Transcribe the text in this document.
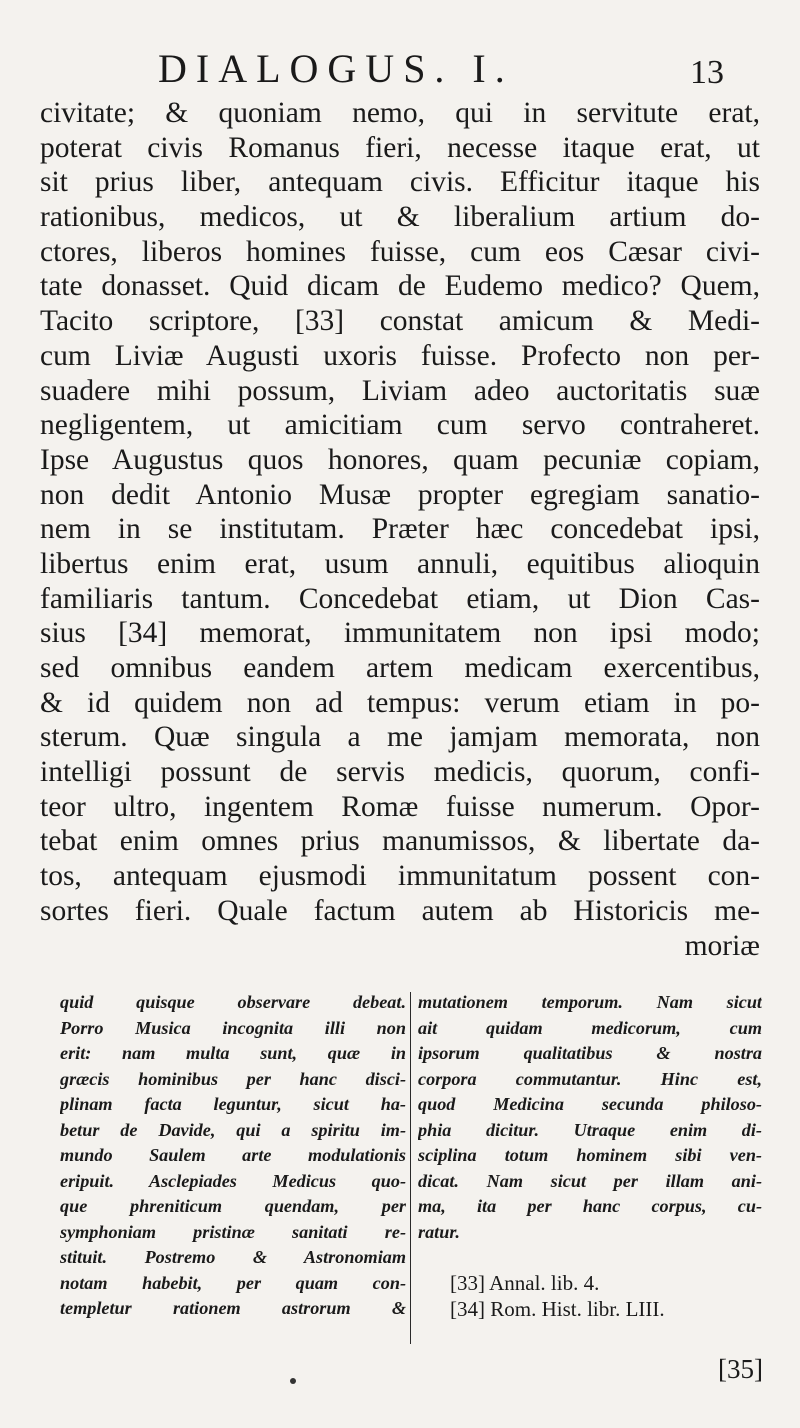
DIALOGUS. I.	13
civitate; & quoniam nemo, qui in servitute erat,
poterat civis Romanus fieri, necesse itaque erat, ut
sit prius liber, antequam civis. Efficitur itaque his
rationibus, medicos, ut & liberalium artium do-
ctores, liberos homines fuisse, cum eos Cæsar civi-
tate donasset. Quid dicam de Eudemo medico? Quem,
Tacito scriptore, [33] constat amicum & Medi-
cum Liviæ Augusti uxoris fuisse. Profecto non per-
suadere mihi possum, Liviam adeo auctoritatis suæ
negligentem, ut amicitiam cum servo contraheret.
Ipse Augustus quos honores, quam pecuniæ copiam,
non dedit Antonio Musæ propter egregiam sanatio-
nem in se institutam. Præter hæc concedebat ipsi,
libertus enim erat, usum annuli, equitibus alioquin
familiaris tantum. Concedebat etiam, ut Dion Cas-
sius [34] memorat, immunitatem non ipsi modo;
sed omnibus eandem artem medicam exercentibus,
& id quidem non ad tempus: verum etiam in po-
sterum. Quæ singula a me jamjam memorata, non
intelligi possunt de servis medicis, quorum, confi-
teor ultro, ingentem Romæ fuisse numerum. Opor-
tebat enim omnes prius manumissos, & libertate da-
tos, antequam ejusmodi immunitatum possent con-
sortes fieri. Quale factum autem ab Historicis me-
moriæ
quid quisque observare debeat.
Porro Musica incognita illi non
erit: nam multa sunt, quæ in
græcis hominibus per hanc disci-
plinam facta leguntur, sicut ha-
betur de Davide, qui a spiritu im-
mundo Saulem arte modulationis
eripuit. Asclepiades Medicus quo-
que phreniticum quendam, per
symphoniam pristinæ sanitati re-
stituit. Postremo & Astronomiam
notam habebit, per quam con-
templetur rationem astrorum &
mutationem temporum. Nam sicut
ait quidam medicorum, cum
ipsorum qualitatibus & nostra
corpora commutantur. Hinc est,
quod Medicina secunda philoso-
phia dicitur. Utraque enim di-
sciplina totum hominem sibi ven-
dicat. Nam sicut per illam ani-
ma, ita per hanc corpus, cu-
ratur.
[33] Annal. lib. 4.
[34] Rom. Hist. libr. LIII.
[35]
